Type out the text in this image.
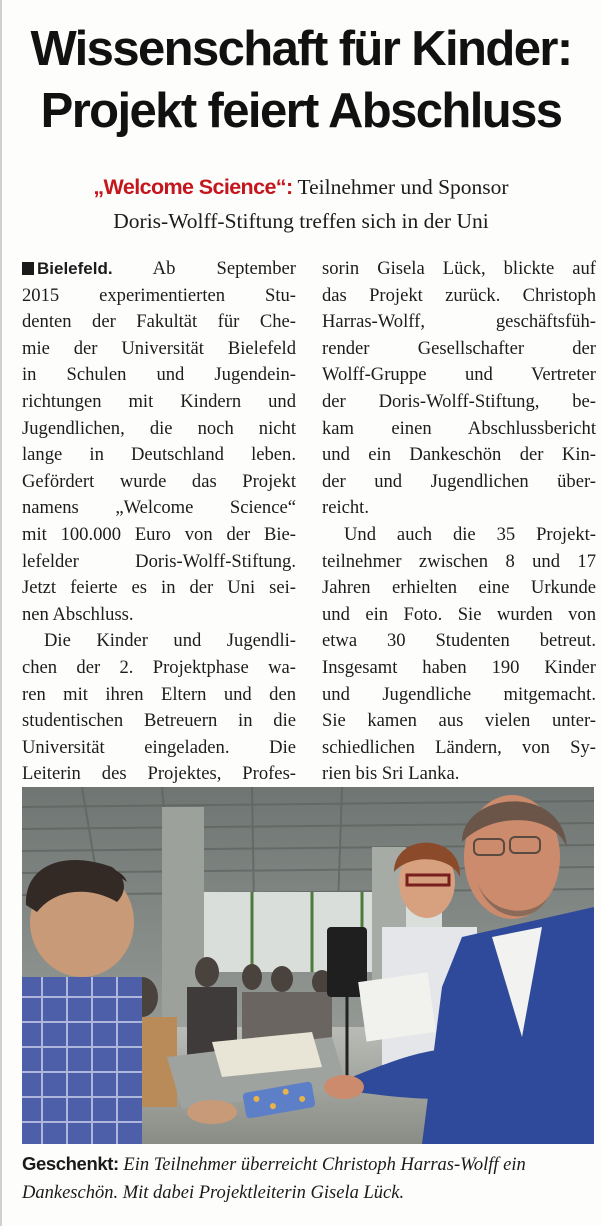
Wissenschaft für Kinder:
Projekt feiert Abschluss
„Welcome Science“: Teilnehmer und Sponsor
Doris-Wolff-Stiftung treffen sich in der Uni
Bielefeld. Ab September
2015 experimentierten Stu-
denten der Fakultät für Che-
mie der Universität Bielefeld
in Schulen und Jugendein-
richtungen mit Kindern und
Jugendlichen, die noch nicht
lange in Deutschland leben.
Gefördert wurde das Projekt
namens „Welcome Science“
mit 100.000 Euro von der Bie-
lefelder Doris-Wolff-Stiftung.
Jetzt feierte es in der Uni sei-
nen Abschluss.
Die Kinder und Jugendli-
chen der 2. Projektphase wa-
ren mit ihren Eltern und den
studentischen Betreuern in die
Universität eingeladen. Die
Leiterin des Projektes, Profes-
sorin Gisela Lück, blickte auf
das Projekt zurück. Christoph
Harras-Wolff, geschäftsfüh-
render Gesellschafter der
Wolff-Gruppe und Vertreter
der Doris-Wolff-Stiftung, be-
kam einen Abschlussbericht
und ein Dankeschön der Kin-
der und Jugendlichen über-
reicht.
Und auch die 35 Projekt-
teilnehmer zwischen 8 und 17
Jahren erhielten eine Urkunde
und ein Foto. Sie wurden von
etwa 30 Studenten betreut.
Insgesamt haben 190 Kinder
und Jugendliche mitgemacht.
Sie kamen aus vielen unter-
schiedlichen Ländern, von Sy-
rien bis Sri Lanka.
Geschenkt: Ein Teilnehmer überreicht Christoph Harras-Wolff ein Dankeschön. Mit dabei Projektleiterin Gisela Lück.
